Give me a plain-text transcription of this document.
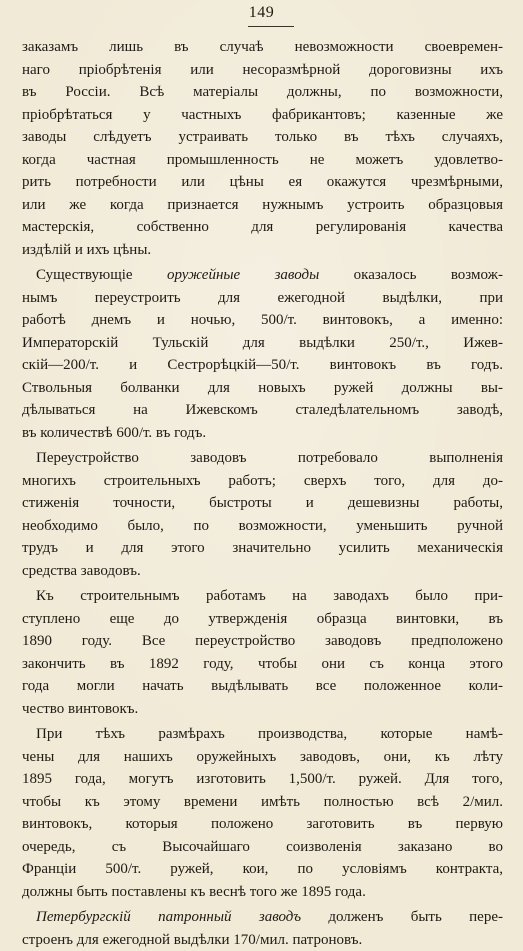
149
заказамъ лишь въ случаѣ невозможности своевремен-
наго пріобрѣтенія или несоразмѣрной дороговизны ихъ
въ Россіи. Всѣ матеріалы должны, по возможности,
пріобрѣтаться у частныхъ фабрикантовъ; казенные же
заводы слѣдуетъ устраивать только въ тѣхъ случаяхъ,
когда частная промышленность не можетъ удовлетво-
рить потребности или цѣны ея окажутся чрезмѣрными,
или же когда признается нужнымъ устроить образцовыя
мастерскія, собственно для регулированія качества
издѣлій и ихъ цѣны.
Существующіе оружейные заводы оказалось возмож-
нымъ переустроить для ежегодной выдѣлки, при
работѣ днемъ и ночью, 500/т. винтовокъ, а именно:
Императорскій Тульскій для выдѣлки 250/т., Ижев-
скій—200/т. и Сестрорѣцкій—50/т. винтовокъ въ годъ.
Ствольныя болванки для новыхъ ружей должны вы-
дѣлываться на Ижевскомъ сталедѣлательномъ заводѣ,
въ количествѣ 600/т. въ годъ.
Переустройство заводовъ потребовало выполненія
многихъ строительныхъ работъ; сверхъ того, для до-
стиженія точности, быстроты и дешевизны работы,
необходимо было, по возможности, уменьшить ручной
трудъ и для этого значительно усилить механическія
средства заводовъ.
Къ строительнымъ работамъ на заводахъ было при-
ступлено еще до утвержденія образца винтовки, въ
1890 году. Все переустройство заводовъ предположено
закончить въ 1892 году, чтобы они съ конца этого
года могли начать выдѣлывать все положенное коли-
чество винтовокъ.
При тѣхъ размѣрахъ производства, которые намѣ-
чены для нашихъ оружейныхъ заводовъ, они, къ лѣту
1895 года, могутъ изготовить 1,500/т. ружей. Для того,
чтобы къ этому времени имѣть полностью всѣ 2/мил.
винтовокъ, которыя положено заготовить въ первую
очередь, съ Высочайшаго соизволенія заказано во
Франціи 500/т. ружей, кои, по условіямъ контракта,
должны быть поставлены къ веснѣ того же 1895 года.
Петербургскій патронный заводъ долженъ быть пере-
строенъ для ежегодной выдѣлки 170/мил. патроновъ.
